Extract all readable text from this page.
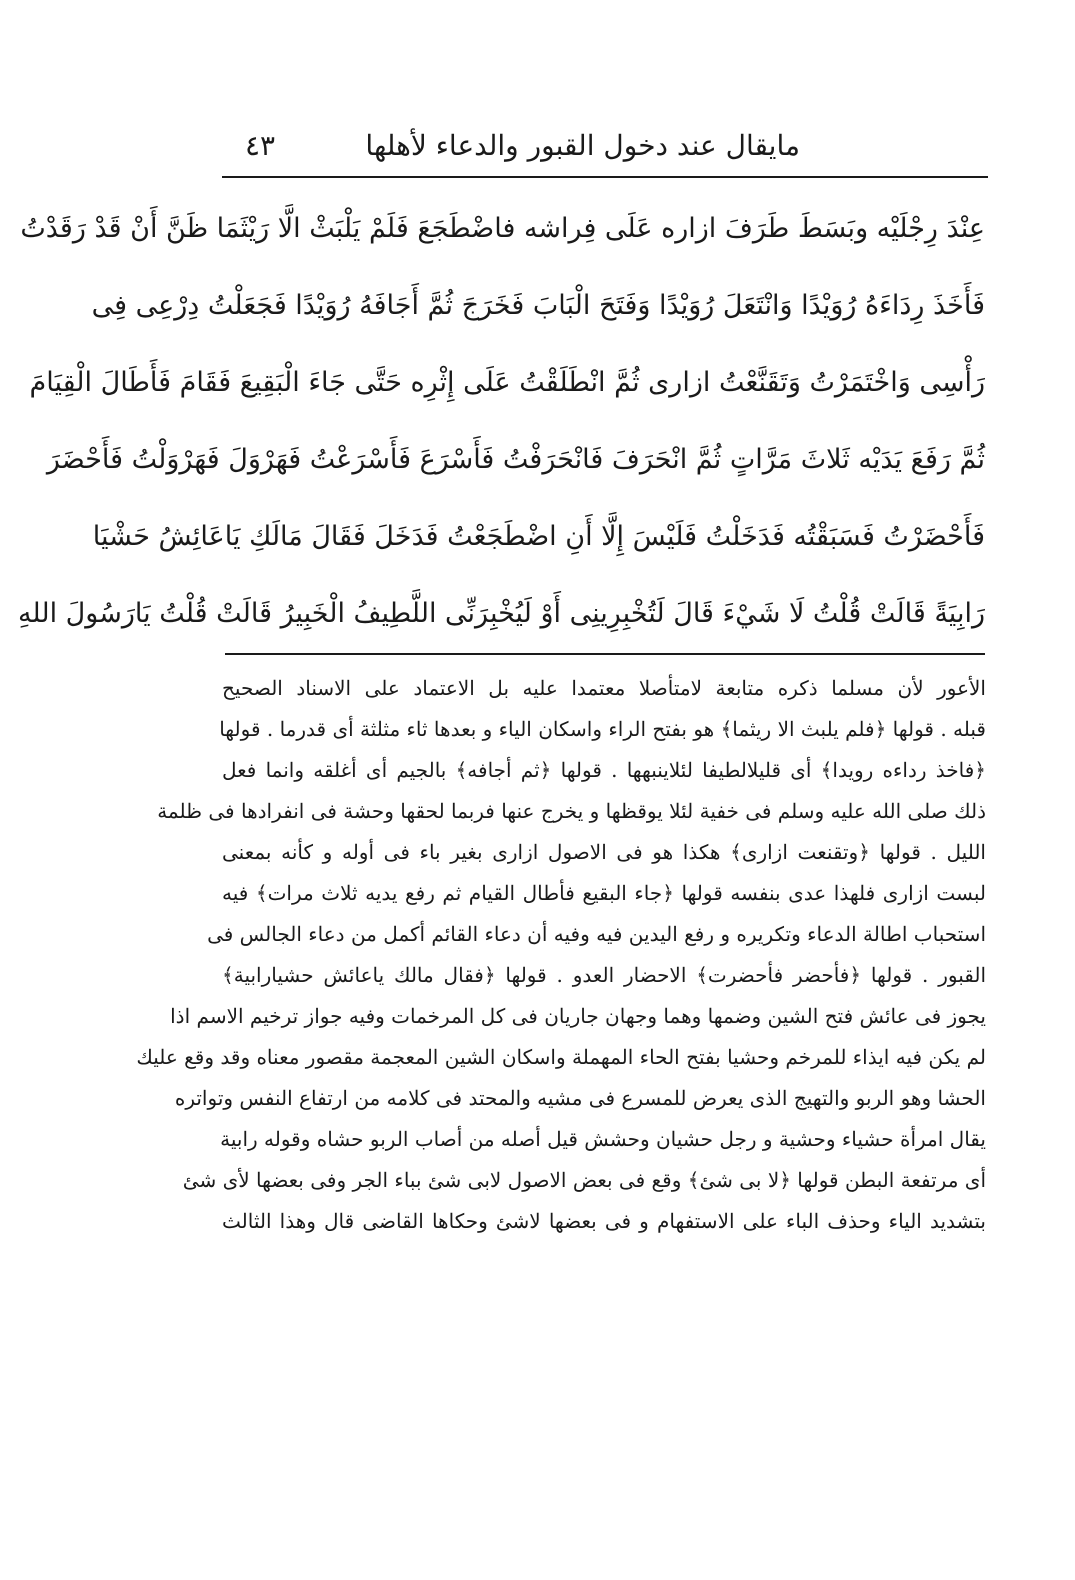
مايقال عند دخول القبور والدعاء لأهلها
٤٣
عِنْدَ رِجْلَيْه وبَسَطَ طَرَفَ ازاره عَلَى فِراشه فاضْطَجَعَ فَلَمْ يَلْبَثْ الَّا رَيْثَمَا ظَنَّ أَنْ قَدْ رَقَدْتُ
فَأَخَذَ رِدَاءَهُ رُوَيْدًا وَانْتَعَلَ رُوَيْدًا وَفَتَحَ الْبَابَ فَخَرَجَ ثُمَّ أَجَافَهُ رُوَيْدًا فَجَعَلْتُ دِرْعِى فِى
رَأْسِى وَاخْتَمَرْتُ وَتَقَنَّعْتُ ازارى ثُمَّ انْطَلَقْتُ عَلَى إِثْرِه حَتَّى جَاءَ الْبَقِيعَ فَقَامَ فَأَطَالَ الْقِيَامَ
ثُمَّ رَفَعَ يَدَيْه ثَلاثَ مَرَّاتٍ ثُمَّ انْحَرَفَ فَانْحَرَفْتُ فَأَسْرَعَ فَأَسْرَعْتُ فَهَرْوَلَ فَهَرْوَلْتُ فَأَحْضَرَ
فَأَحْضَرْتُ فَسَبَقْتُه فَدَخَلْتُ فَلَيْسَ إِلَّا أَنِ اضْطَجَعْتُ فَدَخَلَ فَقَالَ مَالَكِ يَاعَائِشُ حَشْيَا
رَابِيَةً قَالَتْ قُلْتُ لَا شَيْءَ قَالَ لَتُخْبِرِينِى أَوْ لَيُخْبِرَنِّى اللَّطِيفُ الْخَبِيرُ قَالَتْ قُلْتُ يَارَسُولَ اللهِ
الأعور لأن مسلما ذكره متابعة لامتأصلا معتمدا عليه بل الاعتماد على الاسناد الصحيح
قبله . قولها ﴿فلم يلبث الا ريثما﴾ هو بفتح الراء واسكان الياء و بعدها ثاء مثلثة أى قدرما . قولها
﴿فاخذ رداءه رويدا﴾ أى قليلالطيفا لئلاينبهها . قولها ﴿ثم أجافه﴾ بالجيم أى أغلقه وانما فعل
ذلك صلى الله عليه وسلم فى خفية لئلا يوقظها و يخرج عنها فربما لحقها وحشة فى انفرادها فى ظلمة
الليل . قولها ﴿وتقنعت ازارى﴾ هكذا هو فى الاصول ازارى بغير باء فى أوله و كأنه بمعنى
لبست ازارى فلهذا عدى بنفسه قولها ﴿جاء البقيع فأطال القيام ثم رفع يديه ثلاث مرات﴾ فيه
استحباب اطالة الدعاء وتكريره و رفع اليدين فيه وفيه أن دعاء القائم أكمل من دعاء الجالس فى
القبور . قولها ﴿فأحضر فأحضرت﴾ الاحضار العدو . قولها ﴿فقال مالك ياعائش حشيارابية﴾
يجوز فى عائش فتح الشين وضمها وهما وجهان جاريان فى كل المرخمات وفيه جواز ترخيم الاسم اذا
لم يكن فيه ايذاء للمرخم وحشيا بفتح الحاء المهملة واسكان الشين المعجمة مقصور معناه وقد وقع عليك
الحشا وهو الربو والتهيج الذى يعرض للمسرع فى مشيه والمحتد فى كلامه من ارتفاع النفس وتواتره
يقال امرأة حشياء وحشية و رجل حشيان وحشش قيل أصله من أصاب الربو حشاه وقوله رابية
أى مرتفعة البطن قولها ﴿لا بى شئ﴾ وقع فى بعض الاصول لابى شئ بباء الجر وفى بعضها لأى شئ
بتشديد الياء وحذف الباء على الاستفهام و فى بعضها لاشئ وحكاها القاضى قال وهذا الثالث
